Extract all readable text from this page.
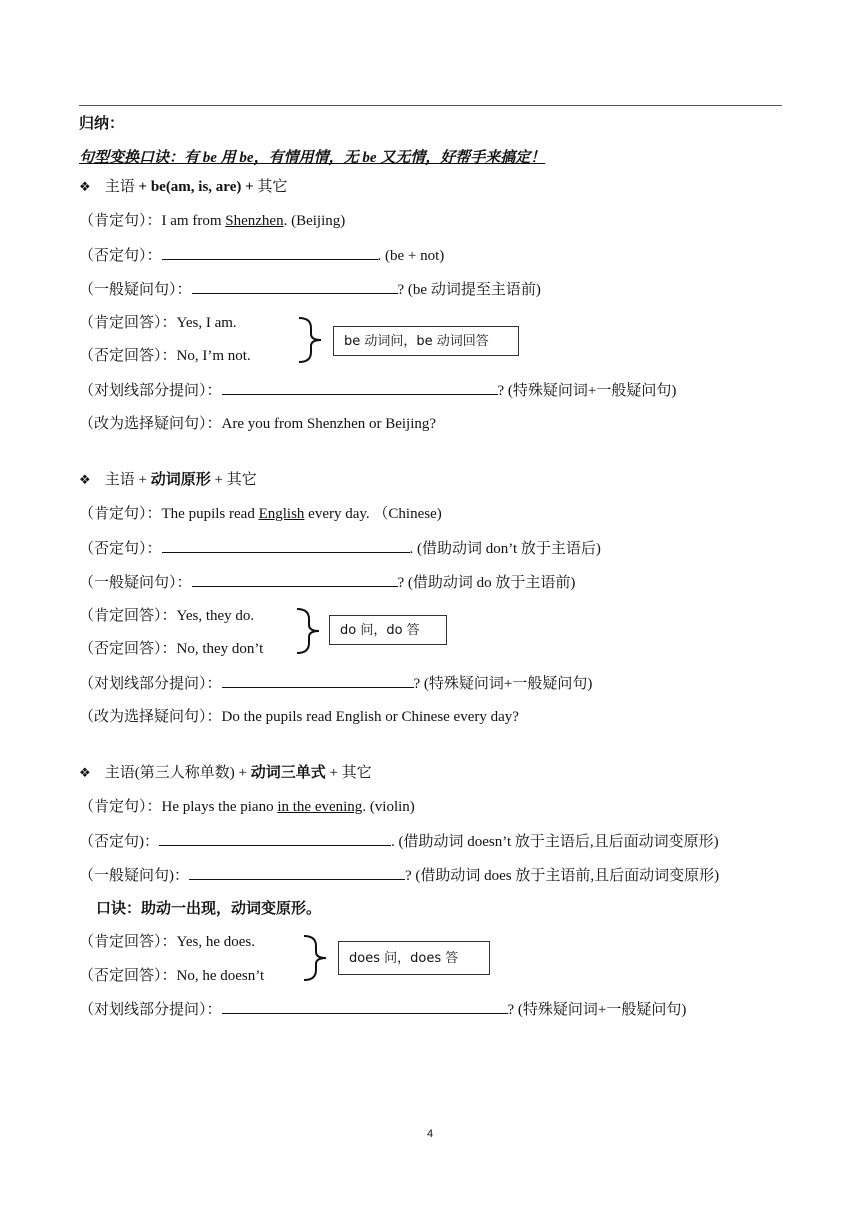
归纳：
句型变换口诀：有 be 用 be，有情用情，无 be 又无情，好帮手来搞定！
❖ 主语 + be(am, is, are) + 其它
（肯定句）：I am from Shenzhen. (Beijing)
（否定句）：	. (be + not)
（一般疑问句）：	? (be 动词提至主语前)
（肯定回答）：Yes, I am.
（否定回答）：No, I’m not.
be 动词问，be 动词回答
（对划线部分提问）：	? (特殊疑问词+一般疑问句)
（改为选择疑问句）：Are you from Shenzhen or Beijing?
❖ 主语 + 动词原形 + 其它
（肯定句）：The pupils read English every day. （Chinese)
（否定句）：	. (借助动词 don’t 放于主语后)
（一般疑问句）：	? (借助动词 do 放于主语前)
（肯定回答）：Yes, they do.
（否定回答）：No, they don’t
do 问，do 答
（对划线部分提问）：	? (特殊疑问词+一般疑问句)
（改为选择疑问句）：Do the pupils read English or Chinese every day?
❖ 主语(第三人称单数) + 动词三单式 + 其它
（肯定句）：He plays the piano in the evening. (violin)
（否定句)：	. (借助动词 doesn’t 放于主语后,且后面动词变原形)
（一般疑问句)：	? (借助动词 does 放于主语前,且后面动词变原形)
口诀：助动一出现，动词变原形。
（肯定回答）：Yes, he does.
（否定回答）：No, he doesn’t
does 问，does 答
（对划线部分提问）：	? (特殊疑问词+一般疑问句)
4
